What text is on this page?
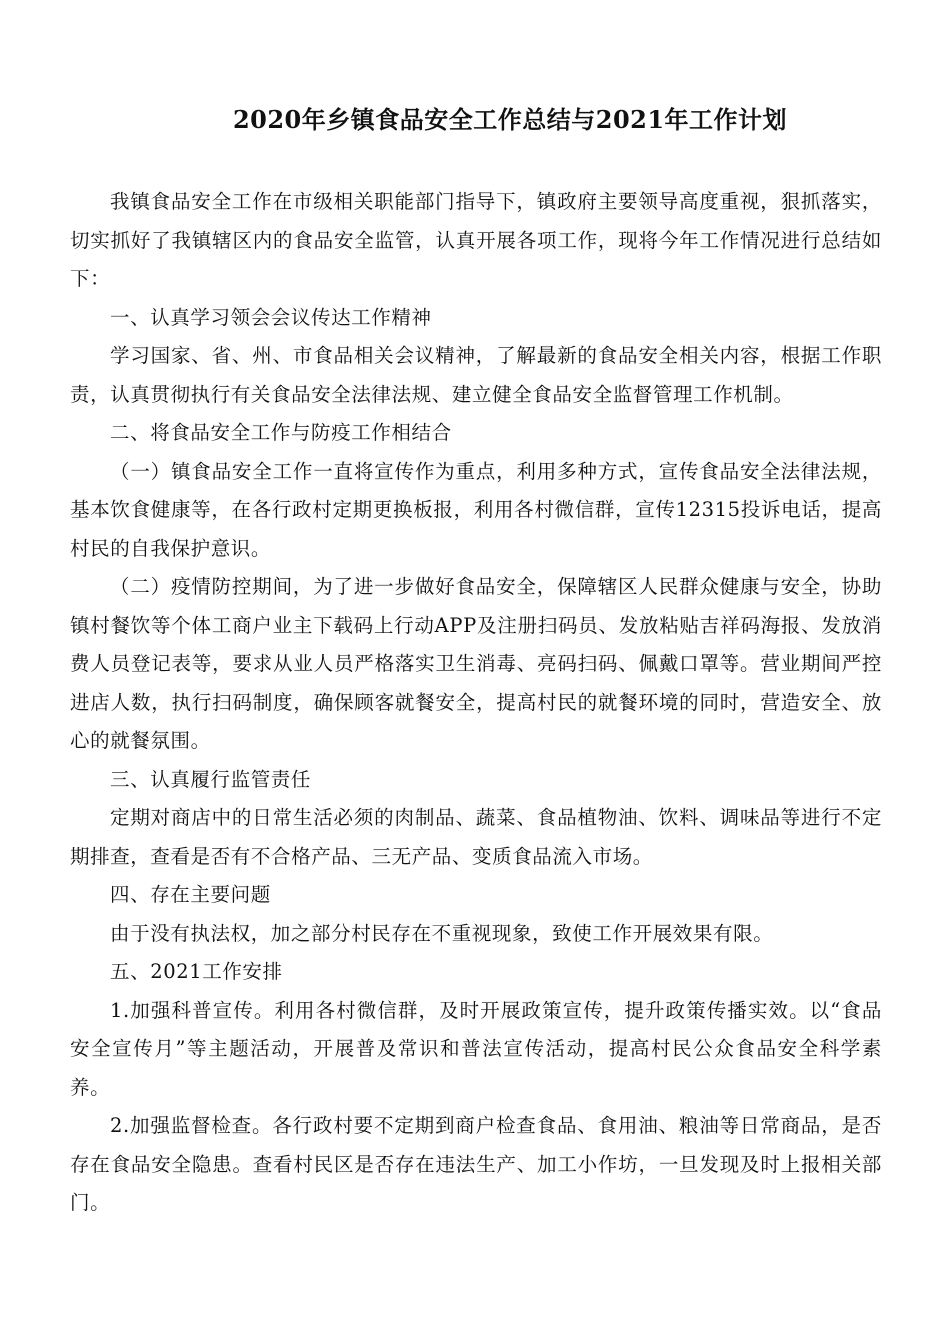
2020年乡镇食品安全工作总结与2021年工作计划

我镇食品安全工作在市级相关职能部门指导下，镇政府主要领导高度重视，狠抓落实，切实抓好了我镇辖区内的食品安全监管，认真开展各项工作，现将今年工作情况进行总结如下：

一、认真学习领会会议传达工作精神

学习国家、省、州、市食品相关会议精神，了解最新的食品安全相关内容，根据工作职责，认真贯彻执行有关食品安全法律法规、建立健全食品安全监督管理工作机制。

二、将食品安全工作与防疫工作相结合

（一）镇食品安全工作一直将宣传作为重点，利用多种方式，宣传食品安全法律法规，基本饮食健康等，在各行政村定期更换板报，利用各村微信群，宣传12315投诉电话，提高村民的自我保护意识。

（二）疫情防控期间，为了进一步做好食品安全，保障辖区人民群众健康与安全，协助镇村餐饮等个体工商户业主下载码上行动APP及注册扫码员、发放粘贴吉祥码海报、发放消费人员登记表等，要求从业人员严格落实卫生消毒、亮码扫码、佩戴口罩等。营业期间严控进店人数，执行扫码制度，确保顾客就餐安全，提高村民的就餐环境的同时，营造安全、放心的就餐氛围。

三、认真履行监管责任

定期对商店中的日常生活必须的肉制品、蔬菜、食品植物油、饮料、调味品等进行不定期排查，查看是否有不合格产品、三无产品、变质食品流入市场。

四、存在主要问题

由于没有执法权，加之部分村民存在不重视现象，致使工作开展效果有限。

五、2021工作安排

1.加强科普宣传。利用各村微信群，及时开展政策宣传，提升政策传播实效。以“食品安全宣传月”等主题活动，开展普及常识和普法宣传活动，提高村民公众食品安全科学素养。

2.加强监督检查。各行政村要不定期到商户检查食品、食用油、粮油等日常商品，是否存在食品安全隐患。查看村民区是否存在违法生产、加工小作坊，一旦发现及时上报相关部门。
